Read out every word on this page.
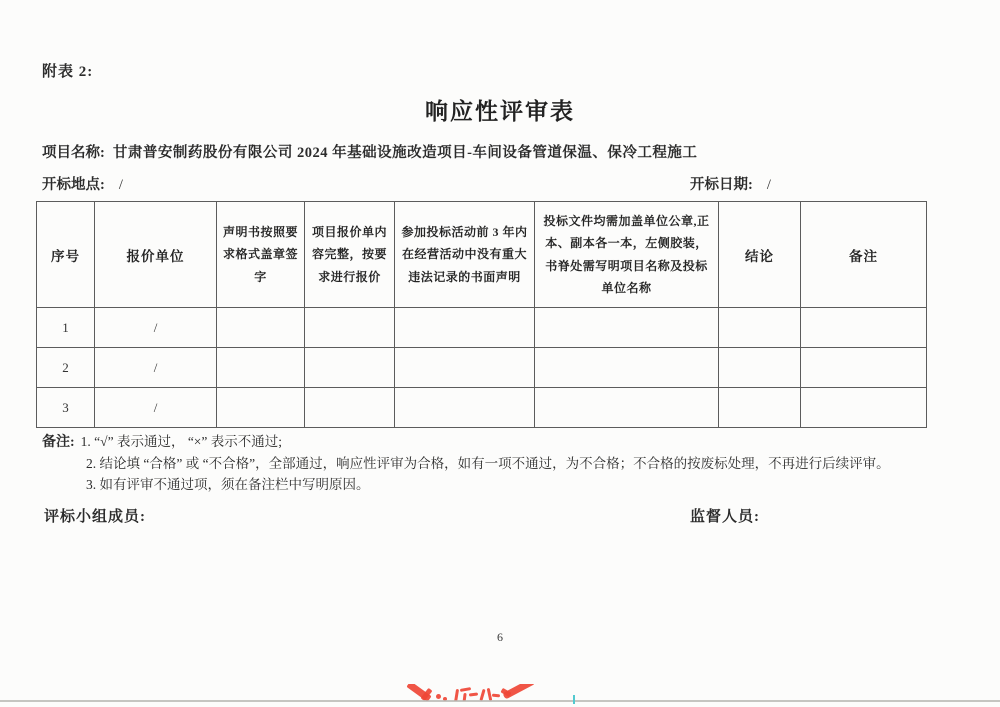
附表 2:
响应性评审表
项目名称: 甘肃普安制药股份有限公司 2024 年基础设施改造项目-车间设备管道保温、保冷工程施工
开标地点: /	开标日期: /
序号	报价单位	声明书按照要求格式盖章签字	项目报价单内容完整，按要求进行报价	参加投标活动前 3 年内在经营活动中没有重大违法记录的书面声明	投标文件均需加盖单位公章,正本、副本各一本，左侧胶装，书脊处需写明项目名称及投标单位名称	结论	备注
1	/						
2	/						
3	/						
备注: 1. “√” 表示通过， “×” 表示不通过;
2. 结论填 “合格” 或 “不合格”，全部通过，响应性评审为合格，如有一项不通过，为不合格；不合格的按废标处理，不再进行后续评审。
3. 如有评审不通过项，须在备注栏中写明原因。
评标小组成员:	监督人员:
6
